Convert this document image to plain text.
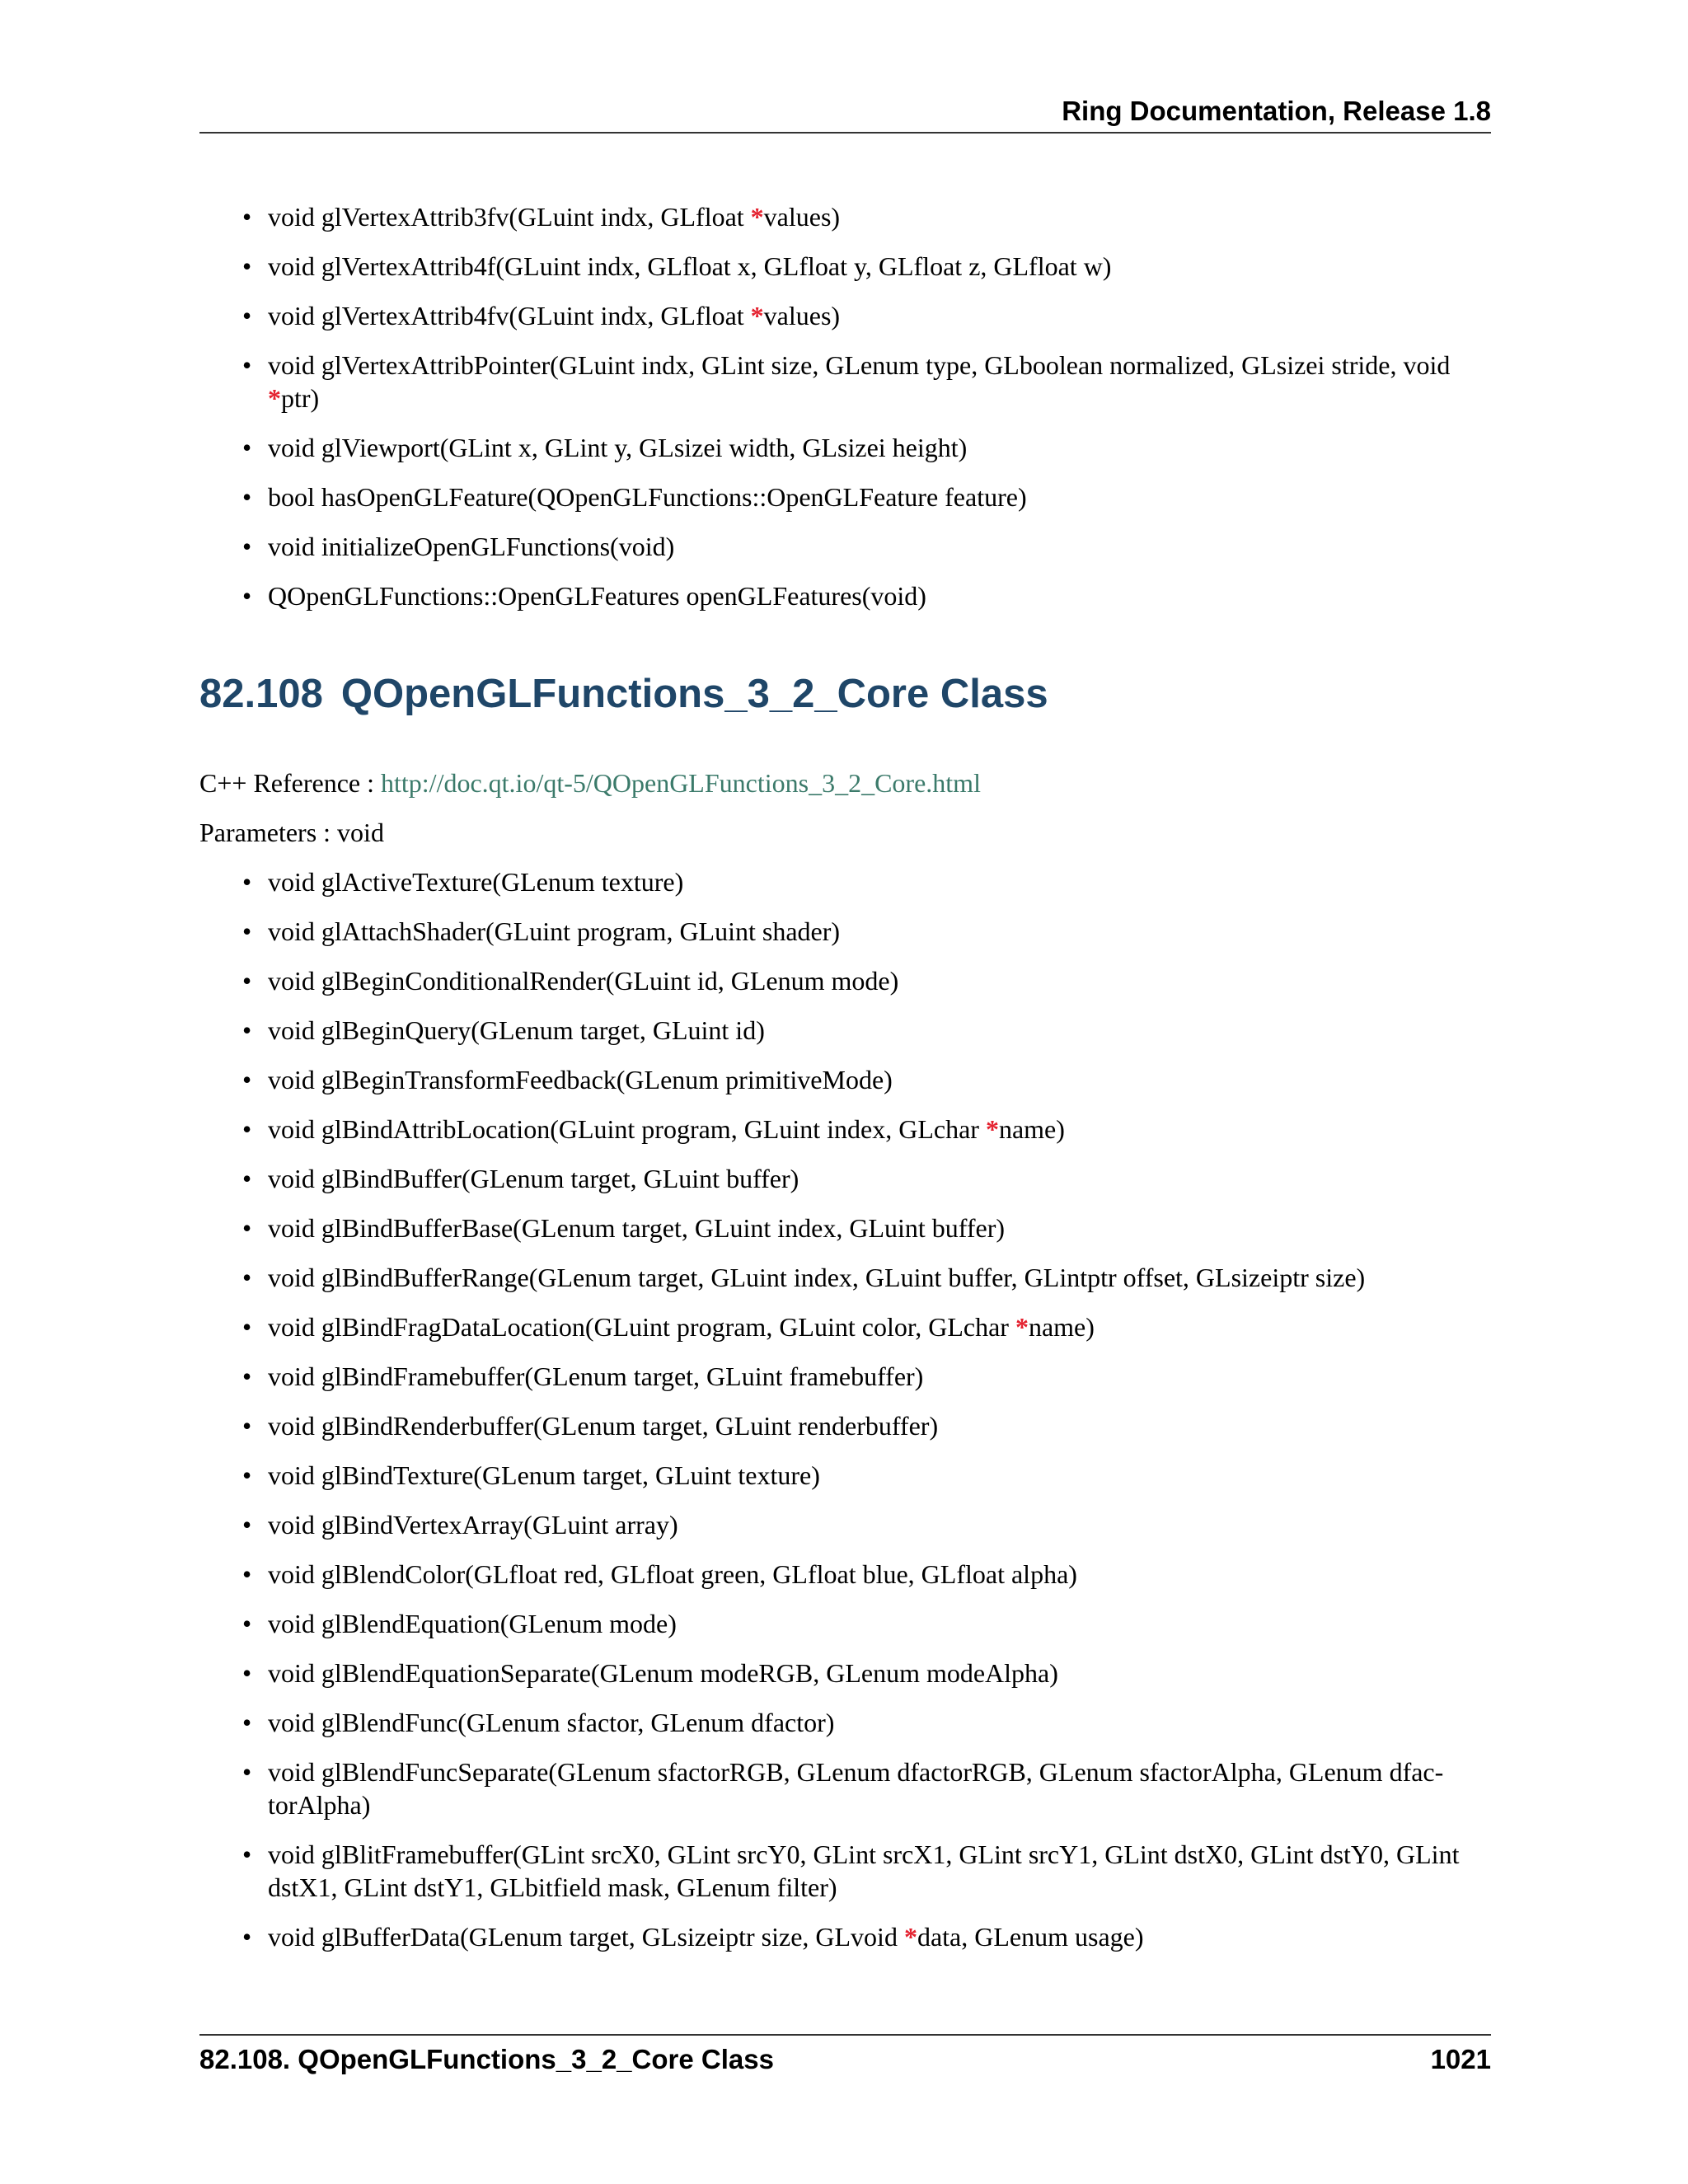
Ring Documentation, Release 1.8
• void glVertexAttrib3fv(GLuint indx, GLfloat *values)
• void glVertexAttrib4f(GLuint indx, GLfloat x, GLfloat y, GLfloat z, GLfloat w)
• void glVertexAttrib4fv(GLuint indx, GLfloat *values)
• void glVertexAttribPointer(GLuint indx, GLint size, GLenum type, GLboolean normalized, GLsizei stride, void *ptr)
• void glViewport(GLint x, GLint y, GLsizei width, GLsizei height)
• bool hasOpenGLFeature(QOpenGLFunctions::OpenGLFeature feature)
• void initializeOpenGLFunctions(void)
• QOpenGLFunctions::OpenGLFeatures openGLFeatures(void)
82.108 QOpenGLFunctions_3_2_Core Class
C++ Reference : http://doc.qt.io/qt-5/QOpenGLFunctions_3_2_Core.html
Parameters : void
• void glActiveTexture(GLenum texture)
• void glAttachShader(GLuint program, GLuint shader)
• void glBeginConditionalRender(GLuint id, GLenum mode)
• void glBeginQuery(GLenum target, GLuint id)
• void glBeginTransformFeedback(GLenum primitiveMode)
• void glBindAttribLocation(GLuint program, GLuint index, GLchar *name)
• void glBindBuffer(GLenum target, GLuint buffer)
• void glBindBufferBase(GLenum target, GLuint index, GLuint buffer)
• void glBindBufferRange(GLenum target, GLuint index, GLuint buffer, GLintptr offset, GLsizeiptr size)
• void glBindFragDataLocation(GLuint program, GLuint color, GLchar *name)
• void glBindFramebuffer(GLenum target, GLuint framebuffer)
• void glBindRenderbuffer(GLenum target, GLuint renderbuffer)
• void glBindTexture(GLenum target, GLuint texture)
• void glBindVertexArray(GLuint array)
• void glBlendColor(GLfloat red, GLfloat green, GLfloat blue, GLfloat alpha)
• void glBlendEquation(GLenum mode)
• void glBlendEquationSeparate(GLenum modeRGB, GLenum modeAlpha)
• void glBlendFunc(GLenum sfactor, GLenum dfactor)
• void glBlendFuncSeparate(GLenum sfactorRGB, GLenum dfactorRGB, GLenum sfactorAlpha, GLenum dfac-torAlpha)
• void glBlitFramebuffer(GLint srcX0, GLint srcY0, GLint srcX1, GLint srcY1, GLint dstX0, GLint dstY0, GLint dstX1, GLint dstY1, GLbitfield mask, GLenum filter)
• void glBufferData(GLenum target, GLsizeiptr size, GLvoid *data, GLenum usage)
82.108. QOpenGLFunctions_3_2_Core Class	1021
